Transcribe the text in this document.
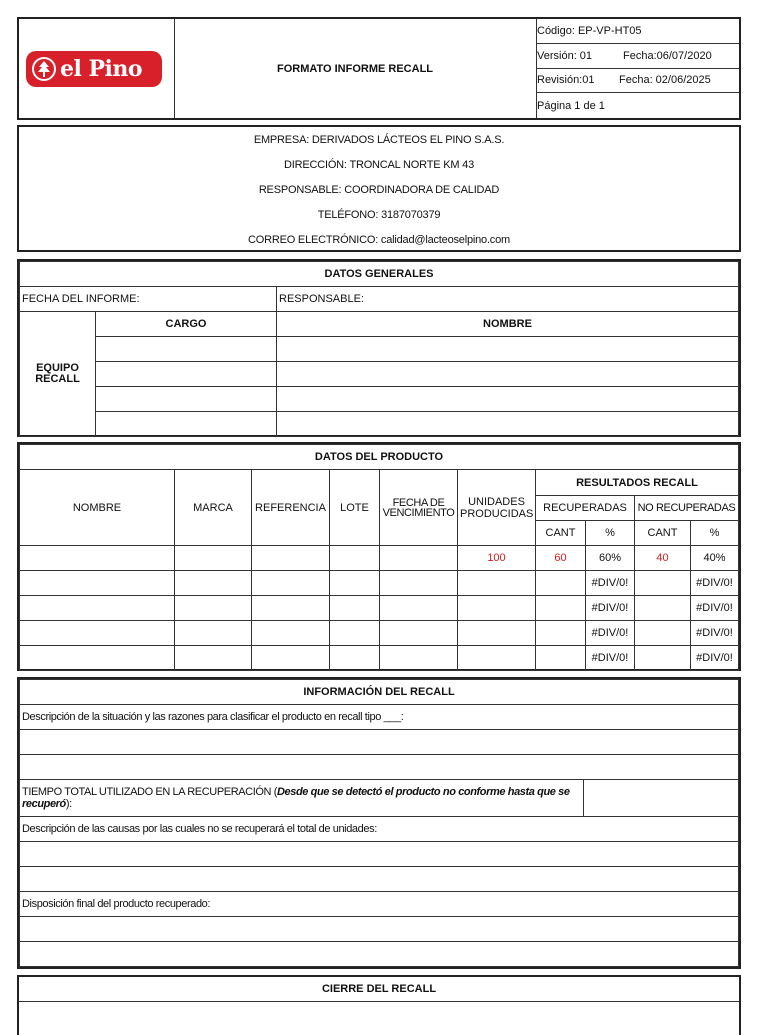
el Pino	FORMATO INFORME RECALL
Código: EP-VP-HT05
Versión: 01	Fecha:06/07/2020
Revisión:01	Fecha: 02/06/2025
Página 1 de 1
EMPRESA: DERIVADOS LÁCTEOS EL PINO S.A.S.
DIRECCIÓN: TRONCAL NORTE KM 43
RESPONSABLE: COORDINADORA DE CALIDAD
TELÉFONO: 3187070379
CORREO ELECTRÓNICO: calidad@lacteoselpino.com
DATOS GENERALES		
FECHA DEL INFORME:		RESPONSABLE:
EQUIPO RECALL	CARGO	NOMBRE

DATOS DEL PRODUCTO									
NOMBRE	MARCA	REFERENCIA	LOTE	FECHA DE VENCIMIENTO	UNIDADES PRODUCIDAS	RESULTADOS RECALL			
						RECUPERADAS		NO RECUPERADAS	
						CANT	%	CANT	%
					100	60	60%	40	40%
							#DIV/0!		#DIV/0!
							#DIV/0!		#DIV/0!
							#DIV/0!		#DIV/0!
							#DIV/0!		#DIV/0!
INFORMACIÓN DEL RECALL
Descripción de la situación y las razones para clasificar el producto en recall tipo ___:

TIEMPO TOTAL UTILIZADO EN LA RECUPERACIÓN (Desde que se detectó el producto no conforme hasta que se recuperó):	
Descripción de las causas por las cuales no se recuperará el total de unidades:

Disposición final del producto recuperado:

CIERRE DEL RECALL
